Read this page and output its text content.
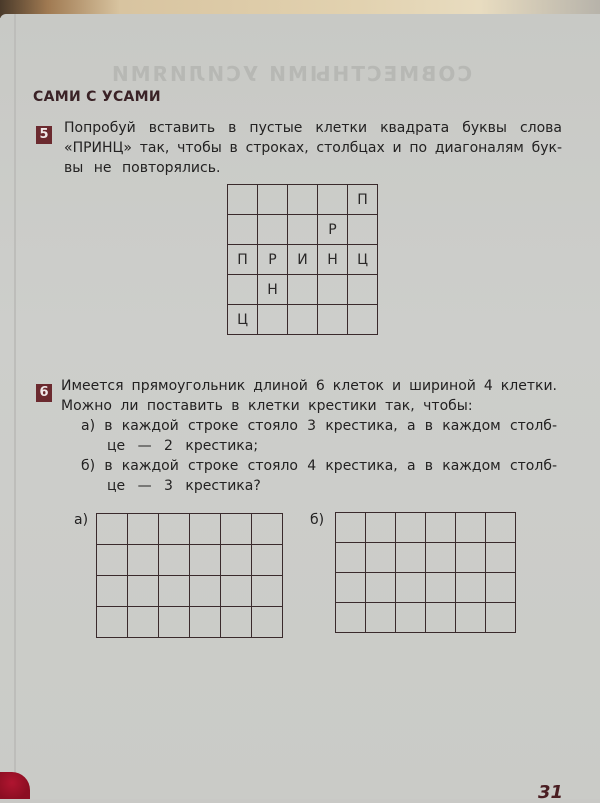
СОВМЕСТНЫМИ УСИЛИЯМИ
САМИ С УСАМИ
5 Попробуй вставить в пустые клетки квадрата буквы слова

«ПРИНЦ» так, чтобы в строках, столбцах и по диагоналям бук-

вы не повторялись.

				П
			Р	
П	Р	И	Н	Ц
	Н			
Ц				
6 Имеется прямоугольник длиной 6 клеток и шириной 4 клетки.

Можно ли поставить в клетки крестики так, чтобы:

а) в каждой строке стояло 3 крестика, а в каждом столб-

це — 2 крестика;

б) в каждой строке стояло 4 крестика, а в каждом столб-

це — 3 крестика?

а)

						б)

31
